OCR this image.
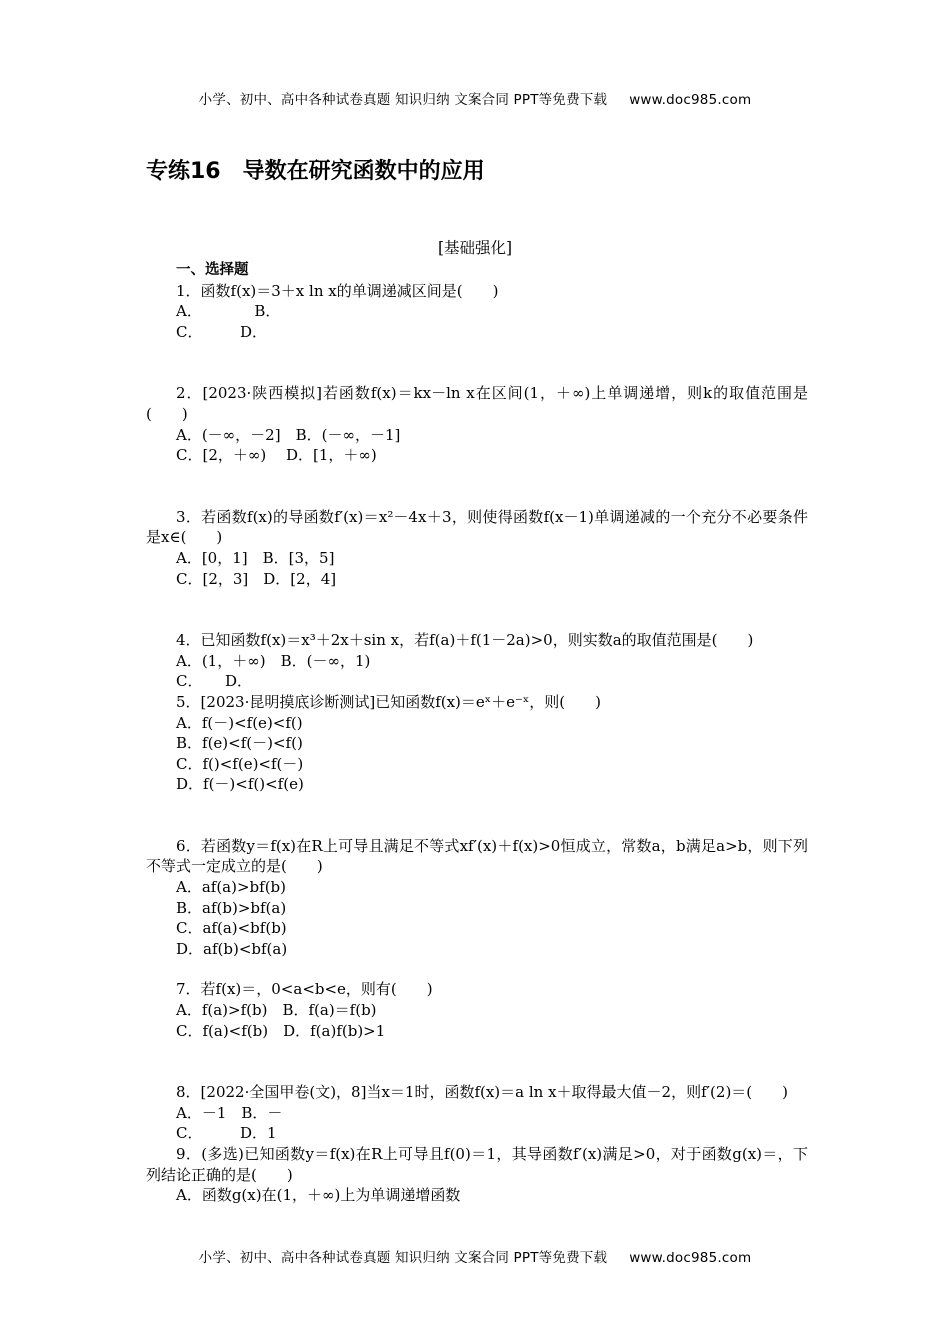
小学、初中、高中各种试卷真题 知识归纳 文案合同 PPT等免费下载 www.doc985.com
专练16 导数在研究函数中的应用
[基础强化]

一、选择题

1．函数f(x)＝3＋x ln x的单调递减区间是(　　)

A．　　　　B．

C．　　　D．

2．[2023·陕西模拟]若函数f(x)＝kx－ln x在区间(1，＋∞)上单调递增，则k的取值范围是(　　)

A．(－∞，－2]　B．(－∞，－1]

C．[2，＋∞)　 D．[1，＋∞)

3．若函数f(x)的导函数f′(x)＝x²－4x＋3，则使得函数f(x－1)单调递减的一个充分不必要条件是x∈(　　)

A．[0，1]　B．[3，5]

C．[2，3]　D．[2，4]

4．已知函数f(x)＝x³＋2x＋sin x，若f(a)＋f(1－2a)>0，则实数a的取值范围是(　　)

A．(1，＋∞)　B．(－∞，1)

C．　　D．

5．[2023·昆明摸底诊断测试]已知函数f(x)＝eˣ＋e⁻ˣ，则(　　)

A．f(－)<f(e)<f()

B．f(e)<f(－)<f()

C．f()<f(e)<f(－)

D．f(－)<f()<f(e)

6．若函数y＝f(x)在R上可导且满足不等式xf′(x)＋f(x)>0恒成立，常数a，b满足a>b，则下列不等式一定成立的是(　　)

A．af(a)>bf(b)

B．af(b)>bf(a)

C．af(a)<bf(b)

D．af(b)<bf(a)

7．若f(x)＝，0<a<b<e，则有(　　)

A．f(a)>f(b)　B．f(a)＝f(b)

C．f(a)<f(b)　D．f(a)f(b)>1

8．[2022·全国甲卷(文)，8]当x＝1时，函数f(x)＝a ln x＋取得最大值－2，则f′(2)＝(　　)

A．－1　B．－

C．　　　D．1

9．(多选)已知函数y＝f(x)在R上可导且f(0)＝1，其导函数f′(x)满足>0，对于函数g(x)＝，下列结论正确的是(　　)

A．函数g(x)在(1，＋∞)上为单调递增函数

小学、初中、高中各种试卷真题 知识归纳 文案合同 PPT等免费下载 www.doc985.com
